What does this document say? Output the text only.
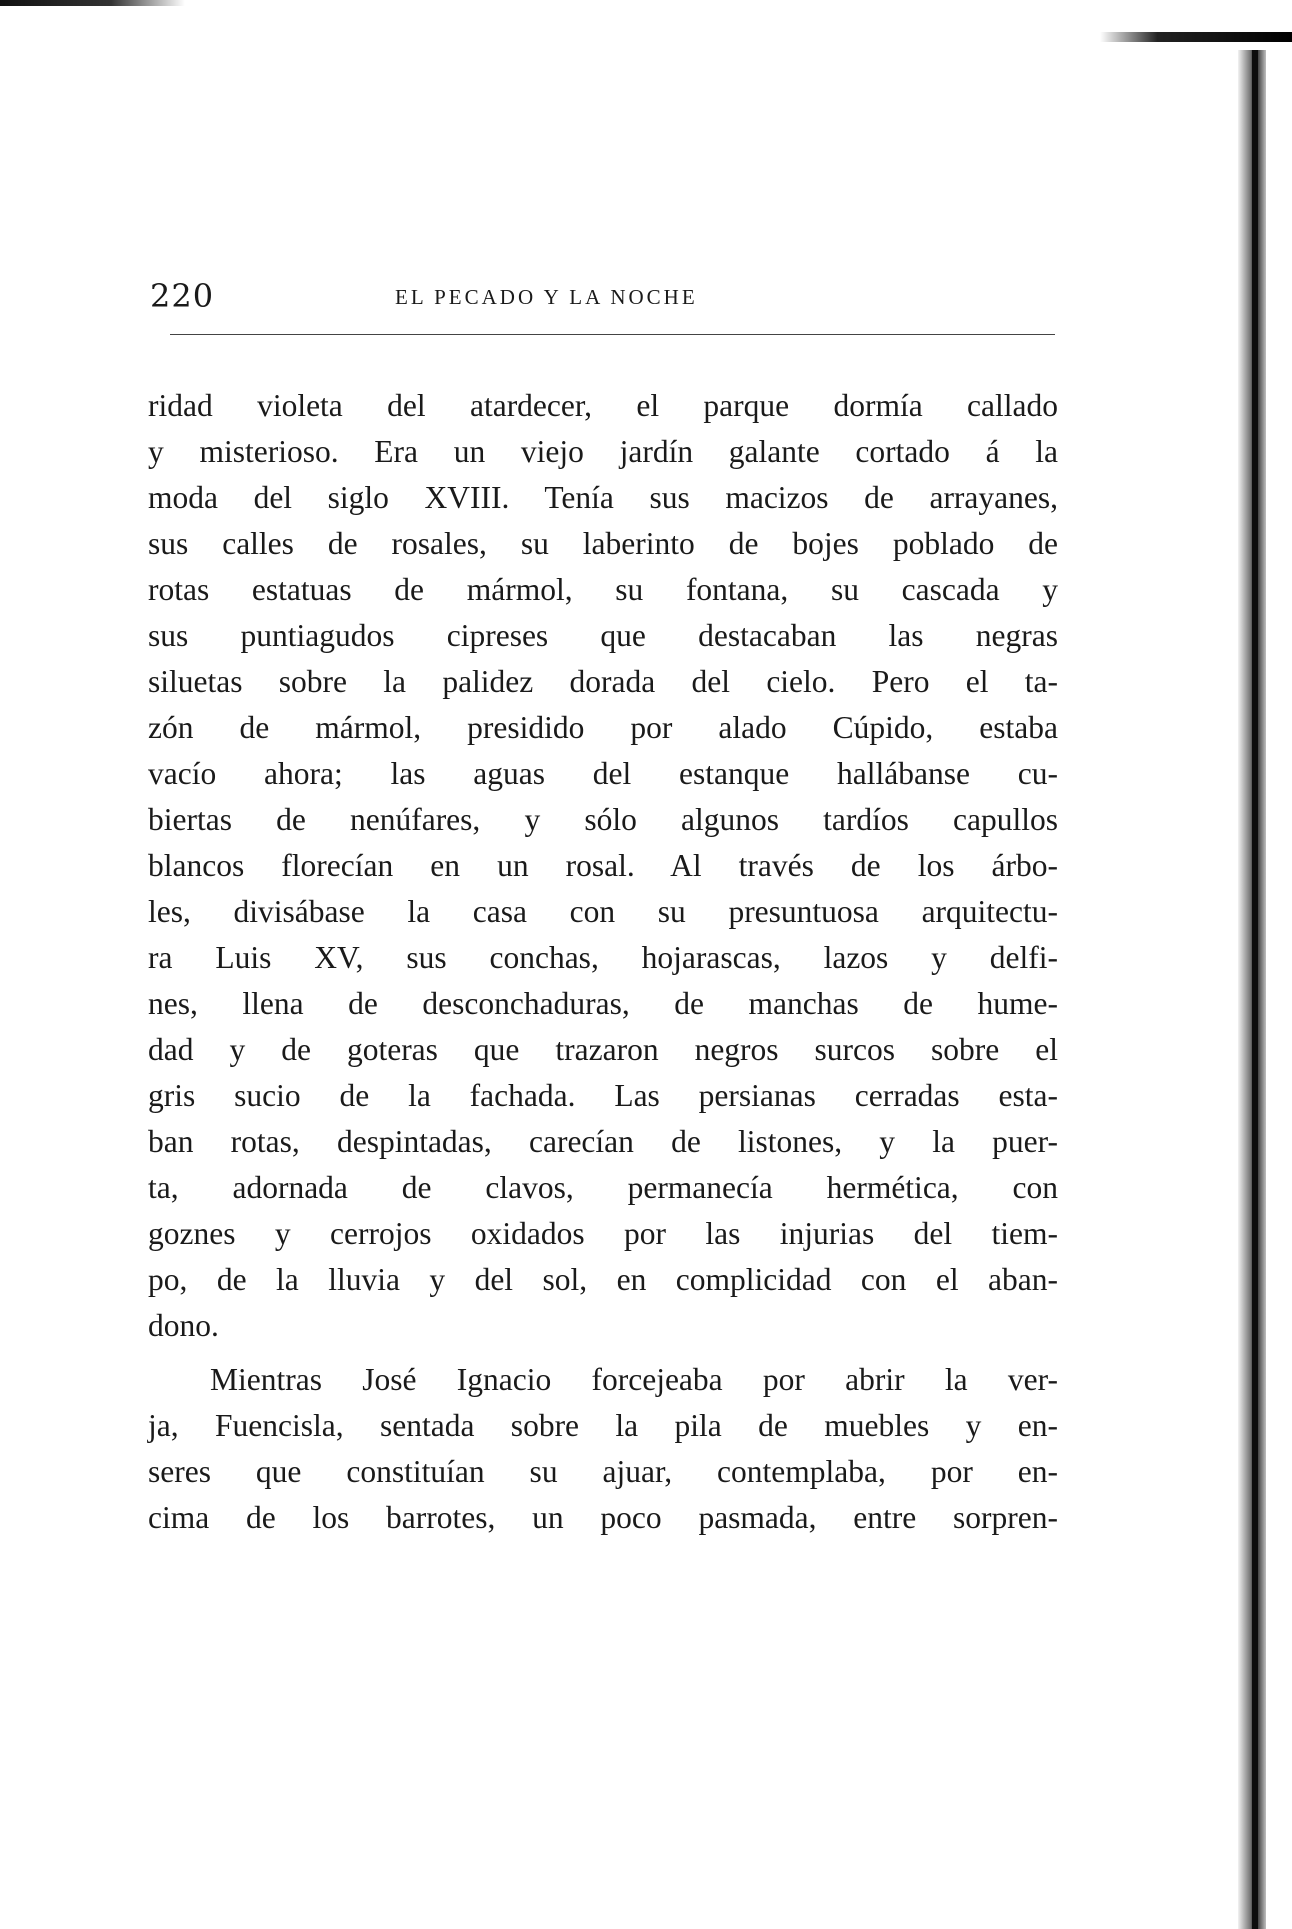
220	EL PECADO Y LA NOCHE
ridad violeta del atardecer, el parque dormía callado
y misterioso. Era un viejo jardín galante cortado á la
moda del siglo XVIII. Tenía sus macizos de arrayanes,
sus calles de rosales, su laberinto de bojes poblado de
rotas estatuas de mármol, su fontana, su cascada y
sus puntiagudos cipreses que destacaban las negras
siluetas sobre la palidez dorada del cielo. Pero el ta-
zón de mármol, presidido por alado Cúpido, estaba
vacío ahora; las aguas del estanque hallábanse cu-
biertas de nenúfares, y sólo algunos tardíos capullos
blancos florecían en un rosal. Al través de los árbo-
les, divisábase la casa con su presuntuosa arquitectu-
ra Luis XV, sus conchas, hojarascas, lazos y delfi-
nes, llena de desconchaduras, de manchas de hume-
dad y de goteras que trazaron negros surcos sobre el
gris sucio de la fachada. Las persianas cerradas esta-
ban rotas, despintadas, carecían de listones, y la puer-
ta, adornada de clavos, permanecía hermética, con
goznes y cerrojos oxidados por las injurias del tiem-
po, de la lluvia y del sol, en complicidad con el aban-
dono.
Mientras José Ignacio forcejeaba por abrir la ver-
ja, Fuencisla, sentada sobre la pila de muebles y en-
seres que constituían su ajuar, contemplaba, por en-
cima de los barrotes, un poco pasmada, entre sorpren-
